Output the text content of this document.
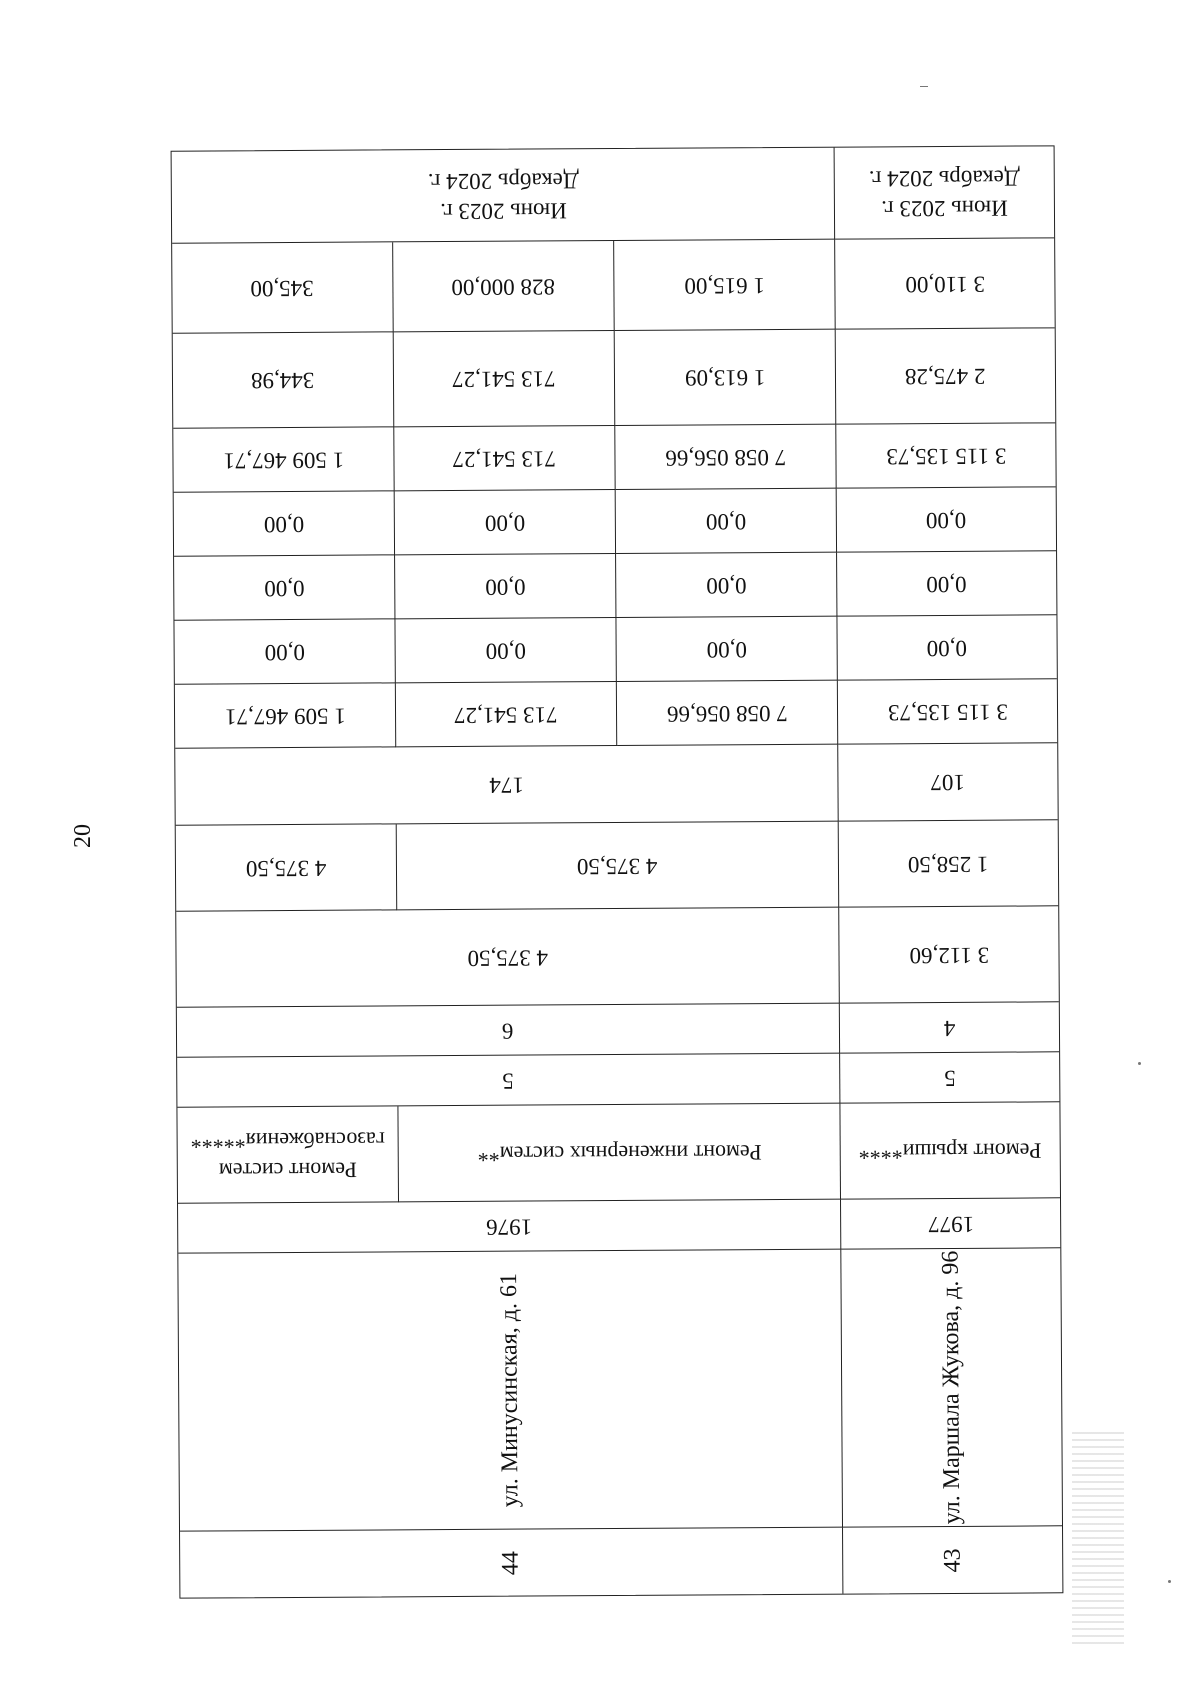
20
Июнь 2023 г.
Декабрь 2024 г.
Июнь 2023 г.
Декабрь 2024 г.
345,00	828 000,00	1 615,00	3 110,00
344,98	713 541,27	1 613,09	2 475,28
1 509 467,71	713 541,27	7 058 056,66	3 115 135,73
0,00	0,00	0,00	0,00
0,00	0,00	0,00	0,00
0,00	0,00	0,00	0,00
1 509 467,71	713 541,27	7 058 056,66	3 115 135,73
174	107
4 375,50	4 375,50	1 258,50
4 375,50	3 112,60
6	4
5	5
Ремонт систем
газоснабжения*****	Ремонт инженерных систем**	Ремонт крыши****
1976	1977
ул. Минусинская, д. 61	ул. Маршала Жукова, д. 96
44	43
